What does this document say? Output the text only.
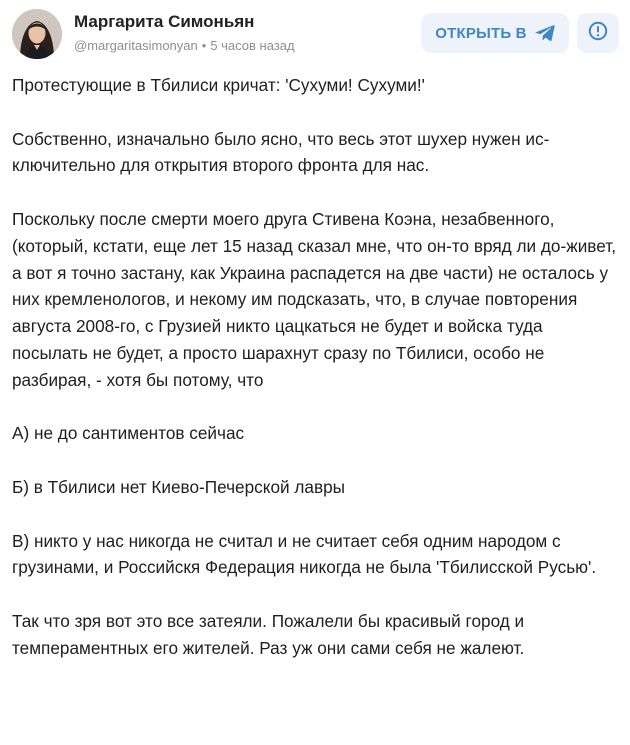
Маргарита Симоньян
@margaritasimonyan • 5 часов назад
ОТКРЫТЬ В

Протестующие в Тбилиси кричат: 'Сухуми! Сухуми!'

Собственно, изначально было ясно, что весь этот шухер нужен ис-ключительно для открытия второго фронта для нас.

Поскольку после смерти моего друга Стивена Коэна, незабвенного, (который, кстати, еще лет 15 назад сказал мне, что он-то вряд ли до-живет, а вот я точно застану, как Украина распадется на две части) не осталось у них кремленологов, и некому им подсказать, что, в случае повторения августа 2008-го, с Грузией никто цацкаться не будет и войска туда посылать не будет, а просто шарахнут сразу по Тбилиси, особо не разбирая, - хотя бы потому, что

А) не до сантиментов сейчас

Б) в Тбилиси нет Киево-Печерской лавры

В) никто у нас никогда не считал и не считает себя одним народом с грузинами, и Российскя Федерация никогда не была 'Тбилисской Русью'.

Так что зря вот это все затеяли. Пожалели бы красивый город и темпераментных его жителей. Раз уж они сами себя не жалеют.
